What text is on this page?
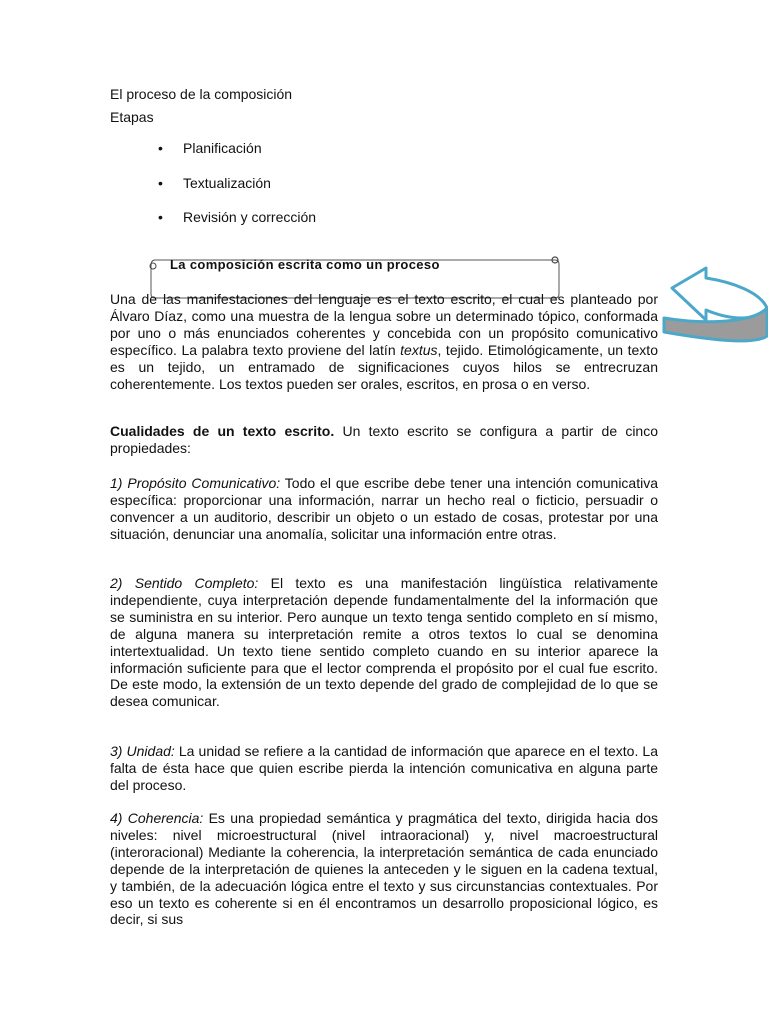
El proceso de la composición
Etapas
• Planificación
• Textualización
• Revisión y corrección
La composición escrita como un proceso

Una de las manifestaciones del lenguaje es el texto escrito, el cual es planteado por Álvaro Díaz, como una muestra de la lengua sobre un determinado tópico, conformada por uno o más enunciados coherentes y concebida con un propósito comunicativo específico. La palabra texto proviene del latín textus, tejido. Etimológicamente, un texto es un tejido, un entramado de significaciones cuyos hilos se entrecruzan coherentemente. Los textos pueden ser orales, escritos, en prosa o en verso.

Cualidades de un texto escrito. Un texto escrito se configura a partir de cinco propiedades:

1) Propósito Comunicativo: Todo el que escribe debe tener una intención comunicativa específica: proporcionar una información, narrar un hecho real o ficticio, persuadir o convencer a un auditorio, describir un objeto o un estado de cosas, protestar por una situación, denunciar una anomalía, solicitar una información entre otras.

2) Sentido Completo: El texto es una manifestación lingüística relativamente independiente, cuya interpretación depende fundamentalmente del la información que se suministra en su interior. Pero aunque un texto tenga sentido completo en sí mismo, de alguna manera su interpretación remite a otros textos lo cual se denomina intertextualidad. Un texto tiene sentido completo cuando en su interior aparece la información suficiente para que el lector comprenda el propósito por el cual fue escrito. De este modo, la extensión de un texto depende del grado de complejidad de lo que se desea comunicar.

3) Unidad: La unidad se refiere a la cantidad de información que aparece en el texto. La falta de ésta hace que quien escribe pierda la intención comunicativa en alguna parte del proceso.

4) Coherencia: Es una propiedad semántica y pragmática del texto, dirigida hacia dos niveles: nivel microestructural (nivel intraoracional) y, nivel macroestructural (interoracional) Mediante la coherencia, la interpretación semántica de cada enunciado depende de la interpretación de quienes la anteceden y le siguen en la cadena textual, y también, de la adecuación lógica entre el texto y sus circunstancias contextuales. Por eso un texto es coherente si en él encontramos un desarrollo proposicional lógico, es decir, si sus
